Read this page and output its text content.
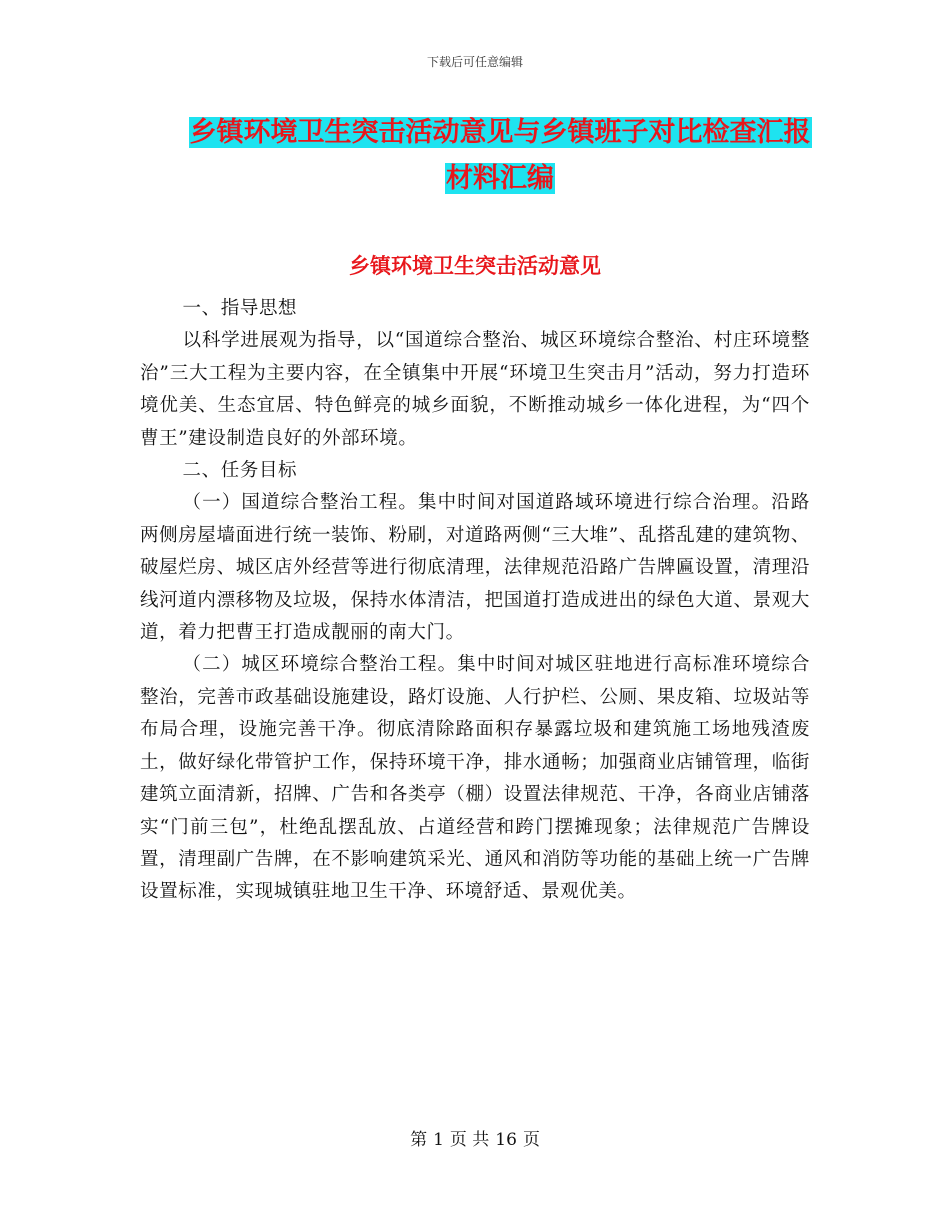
下载后可任意编辑
乡镇环境卫生突击活动意见与乡镇班子对比检查汇报
材料汇编
乡镇环境卫生突击活动意见

一、指导思想

以科学进展观为指导，以“国道综合整治、城区环境综合整治、村庄环境整治”三大工程为主要内容，在全镇集中开展“环境卫生突击月”活动，努力打造环境优美、生态宜居、特色鲜亮的城乡面貌，不断推动城乡一体化进程，为“四个曹王”建设制造良好的外部环境。

二、任务目标

（一）国道综合整治工程。集中时间对国道路域环境进行综合治理。沿路两侧房屋墙面进行统一装饰、粉刷，对道路两侧“三大堆”、乱搭乱建的建筑物、破屋烂房、城区店外经营等进行彻底清理，法律规范沿路广告牌匾设置，清理沿线河道内漂移物及垃圾，保持水体清洁，把国道打造成进出的绿色大道、景观大道，着力把曹王打造成靓丽的南大门。

（二）城区环境综合整治工程。集中时间对城区驻地进行高标准环境综合整治，完善市政基础设施建设，路灯设施、人行护栏、公厕、果皮箱、垃圾站等布局合理，设施完善干净。彻底清除路面积存暴露垃圾和建筑施工场地残渣废土，做好绿化带管护工作，保持环境干净，排水通畅；加强商业店铺管理，临街建筑立面清新，招牌、广告和各类亭（棚）设置法律规范、干净，各商业店铺落实“门前三包”，杜绝乱摆乱放、占道经营和跨门摆摊现象；法律规范广告牌设置，清理副广告牌，在不影响建筑采光、通风和消防等功能的基础上统一广告牌设置标准，实现城镇驻地卫生干净、环境舒适、景观优美。

第 1 页 共 16 页
